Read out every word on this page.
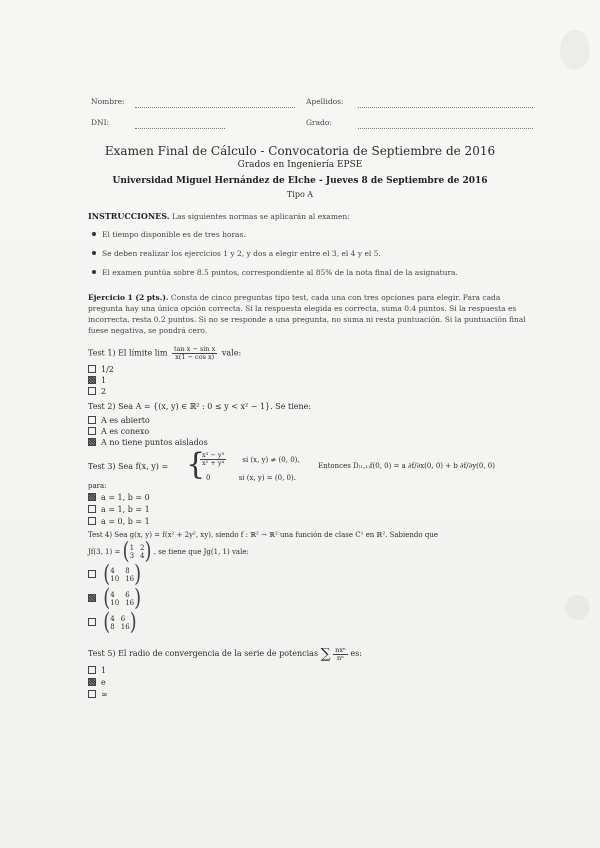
Nombre:	Apellidos:
DNI:	Grado:
Examen Final de Cálculo - Convocatoria de Septiembre de 2016
Grados en Ingeniería EPSE
Universidad Miguel Hernández de Elche - Jueves 8 de Septiembre de 2016
Tipo A
INSTRUCCIONES. Las siguientes normas se aplicarán al examen:
El tiempo disponible es de tres horas.
Se deben realizar los ejercicios 1 y 2, y dos a elegir entre el 3, el 4 y el 5.
El examen puntúa sobre 8.5 puntos, correspondiente al 85% de la nota final de la asignatura.
Ejercicio 1 (2 pts.). Consta de cinco preguntas tipo test, cada una con tres opciones para elegir. Para cada pregunta hay una única opción correcta. Si la respuesta elegida es correcta, suma 0.4 puntos. Si la respuesta es incorrecta, resta 0.2 puntos. Si no se responde a una pregunta, no suma ni resta puntuación. Si la puntuación final fuese negativa, se pondrá cero.
Test 1) El límite $\lim \frac{\text{tan x − sin x}}{\text{x(1 − cos x)}}$ vale:
1/2
1
2
Test 2) Sea A = {(x, y) ∈ ℝ² : 0 ≤ y < x² − 1}. Se tiene:
A es abierto
A es conexo
A no tiene puntos aislados
Test 3) Sea f(x, y) = {
$\frac{\text{x³ − y³}}{\text{x² + y⁴}}$ si (x, y) ≠ (0, 0),
0	si (x, y) = (0, 0).
Entonces D₍₁,₁₎f(0, 0) = a ∂f/∂x(0, 0) + b ∂f/∂y(0, 0)
para:
a = 1, b = 0
a = 1, b = 1
a = 0, b = 1
Test 4) Sea g(x, y) = f(x² + 2y², xy), siendo f : ℝ² → ℝ² una función de clase C¹ en ℝ². Sabiendo que
Jf(3, 1) = ( 1 2
3 4 ) , se tiene que Jg(1, 1) vale:

( 4	8
10 16 )

( 4	6
10 16 )

( 4 6
8 16 )
Test 5) El radio de convergencia de la serie de potencias ∑ $\frac{\text{nxⁿ}}{\text{nⁿ}}$ es:
1
e
∞
